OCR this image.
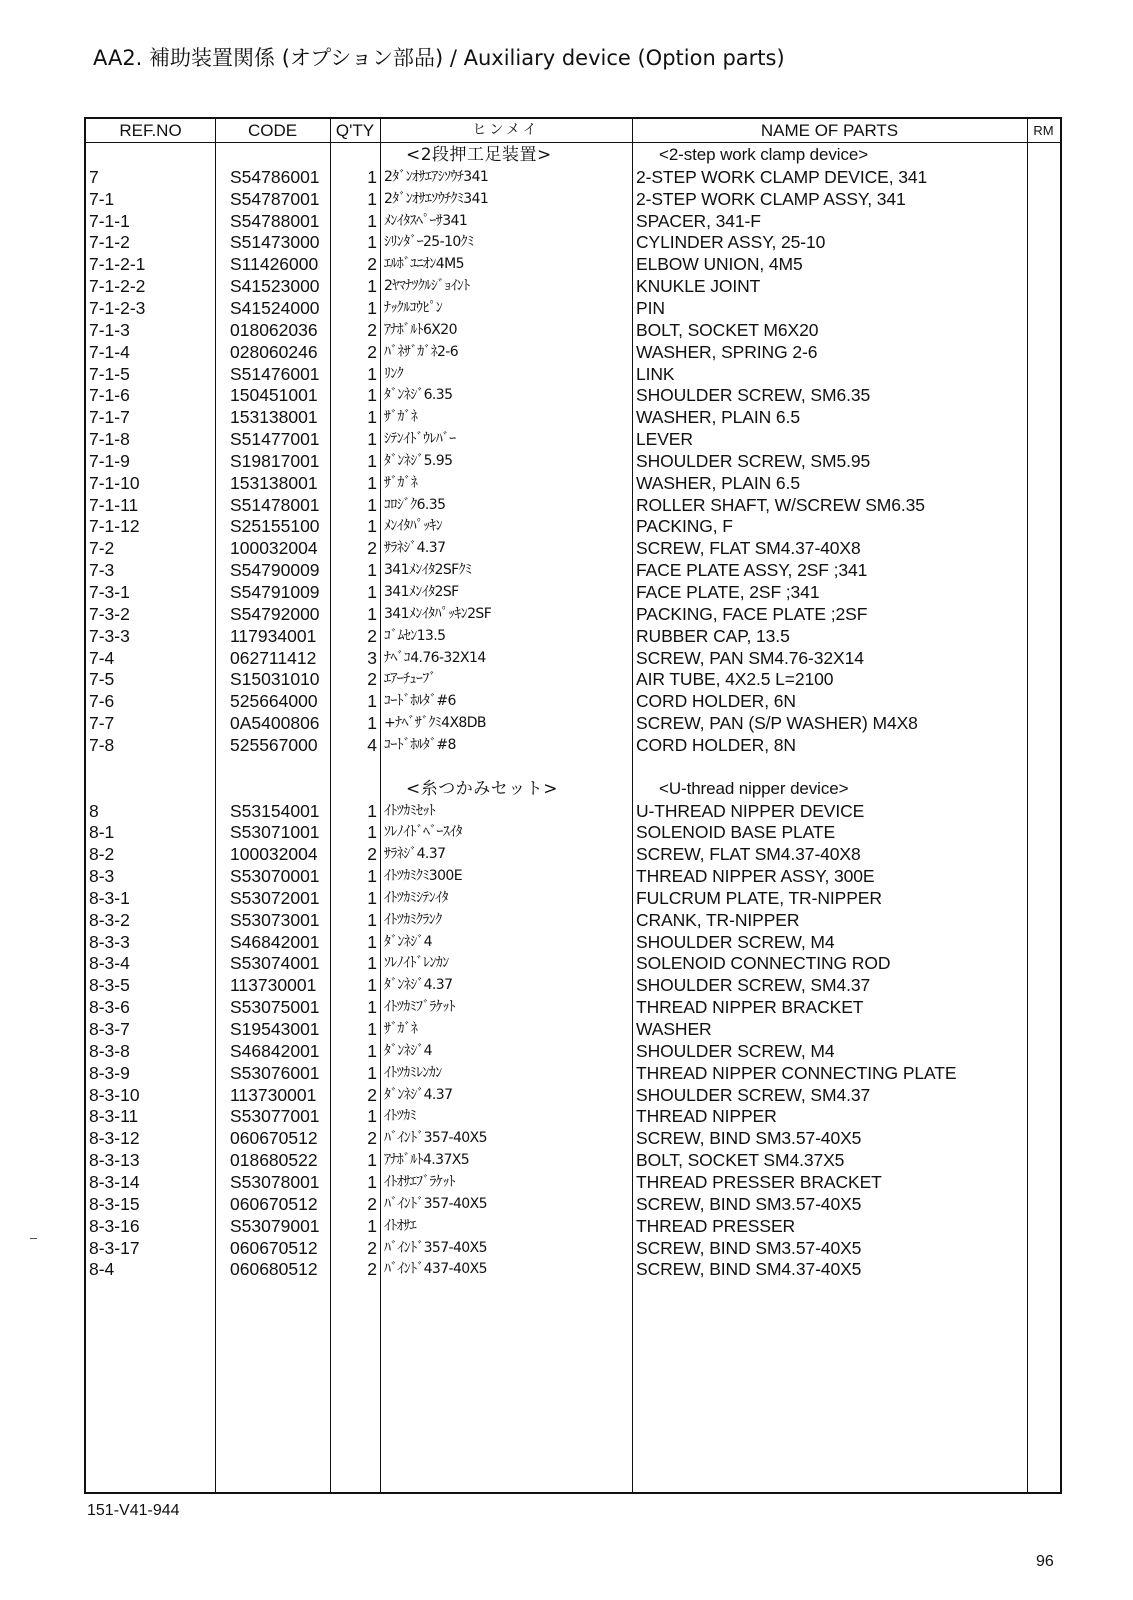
AA2. 補助装置関係 (オプション部品) / Auxiliary device (Option parts)
REF.NO	CODE	Q'TY	ヒンメイ	NAME OF PARTS	RM
<2段押工足装置>	<2-step work clamp device>
7	S54786001	1 2ﾀﾞﾝｵｻｴｱｼｿｳﾁ341	2-STEP WORK CLAMP DEVICE, 341
7-1	S54787001	1 2ﾀﾞﾝｵｻｴｿｳﾁｸﾐ341	2-STEP WORK CLAMP ASSY, 341
7-1-1	S54788001	1 ﾒﾝｲﾀｽﾍﾟｰｻ341	SPACER, 341-F
7-1-2	S51473000	1 ｼﾘﾝﾀﾞｰ25-10ｸﾐ	CYLINDER ASSY, 25-10
7-1-2-1	S11426000	2 ｴﾙﾎﾞﾕﾆｵﾝ4M5	ELBOW UNION, 4M5
7-1-2-2	S41523000	1 2ﾔﾏﾅﾂｸﾙｼﾞｮｲﾝﾄ	KNUKLE JOINT
7-1-2-3	S41524000	1 ﾅｯｸﾙｺｳﾋﾟﾝ	PIN
7-1-3	018062036	2 ｱﾅﾎﾞﾙﾄ6X20	BOLT, SOCKET M6X20
7-1-4	028060246	2 ﾊﾞﾈｻﾞｶﾞﾈ2-6	WASHER, SPRING 2-6
7-1-5	S51476001	1 ﾘﾝｸ	LINK
7-1-6	150451001	1 ﾀﾞﾝﾈｼﾞ6.35	SHOULDER SCREW, SM6.35
7-1-7	153138001	1 ｻﾞｶﾞﾈ	WASHER, PLAIN 6.5
7-1-8	S51477001	1 ｼﾃﾝｲﾄﾞｳﾚﾊﾞｰ	LEVER
7-1-9	S19817001	1 ﾀﾞﾝﾈｼﾞ5.95	SHOULDER SCREW, SM5.95
7-1-10	153138001	1 ｻﾞｶﾞﾈ	WASHER, PLAIN 6.5
7-1-11	S51478001	1 ｺﾛｼﾞｸ6.35	ROLLER SHAFT, W/SCREW SM6.35
7-1-12	S25155100	1 ﾒﾝｲﾀﾊﾟｯｷﾝ	PACKING, F
7-2	100032004	2 ｻﾗﾈｼﾞ4.37	SCREW, FLAT SM4.37-40X8
7-3	S54790009	1 341ﾒﾝｲﾀ2SFｸﾐ	FACE PLATE ASSY, 2SF ;341
7-3-1	S54791009	1 341ﾒﾝｲﾀ2SF	FACE PLATE, 2SF ;341
7-3-2	S54792000	1 341ﾒﾝｲﾀﾊﾟｯｷﾝ2SF	PACKING, FACE PLATE ;2SF
7-3-3	117934001	2 ｺﾞﾑｾﾝ13.5	RUBBER CAP, 13.5
7-4	062711412	3 ﾅﾍﾞｺ4.76-32X14	SCREW, PAN SM4.76-32X14
7-5	S15031010	2 ｴｱｰﾁｭｰﾌﾞ	AIR TUBE, 4X2.5 L=2100
7-6	525664000	1 ｺｰﾄﾞﾎﾙﾀﾞ#6	CORD HOLDER, 6N
7-7	0A5400806	1 +ﾅﾍﾞｻﾞｸﾐ4X8DB	SCREW, PAN (S/P WASHER) M4X8
7-8	525567000	4 ｺｰﾄﾞﾎﾙﾀﾞ#8	CORD HOLDER, 8N
<糸つかみセット>	<U-thread nipper device>
8	S53154001	1 ｲﾄﾂｶﾐｾｯﾄ	U-THREAD NIPPER DEVICE
8-1	S53071001	1 ｿﾚﾉｲﾄﾞﾍﾞｰｽｲﾀ	SOLENOID BASE PLATE
8-2	100032004	2 ｻﾗﾈｼﾞ4.37	SCREW, FLAT SM4.37-40X8
8-3	S53070001	1 ｲﾄﾂｶﾐｸﾐ300E	THREAD NIPPER ASSY, 300E
8-3-1	S53072001	1 ｲﾄﾂｶﾐｼﾃﾝｲﾀ	FULCRUM PLATE, TR-NIPPER
8-3-2	S53073001	1 ｲﾄﾂｶﾐｸﾗﾝｸ	CRANK, TR-NIPPER
8-3-3	S46842001	1 ﾀﾞﾝﾈｼﾞ4	SHOULDER SCREW, M4
8-3-4	S53074001	1 ｿﾚﾉｲﾄﾞﾚﾝｶﾝ	SOLENOID CONNECTING ROD
8-3-5	113730001	1 ﾀﾞﾝﾈｼﾞ4.37	SHOULDER SCREW, SM4.37
8-3-6	S53075001	1 ｲﾄﾂｶﾐﾌﾞﾗｹｯﾄ	THREAD NIPPER BRACKET
8-3-7	S19543001	1 ｻﾞｶﾞﾈ	WASHER
8-3-8	S46842001	1 ﾀﾞﾝﾈｼﾞ4	SHOULDER SCREW, M4
8-3-9	S53076001	1 ｲﾄﾂｶﾐﾚﾝｶﾝ	THREAD NIPPER CONNECTING PLATE
8-3-10	113730001	2 ﾀﾞﾝﾈｼﾞ4.37	SHOULDER SCREW, SM4.37
8-3-11	S53077001	1 ｲﾄﾂｶﾐ	THREAD NIPPER
8-3-12	060670512	2 ﾊﾞｲﾝﾄﾞ357-40X5	SCREW, BIND SM3.57-40X5
8-3-13	018680522	1 ｱﾅﾎﾞﾙﾄ4.37X5	BOLT, SOCKET SM4.37X5
8-3-14	S53078001	1 ｲﾄｵｻｴﾌﾞﾗｹｯﾄ	THREAD PRESSER BRACKET
8-3-15	060670512	2 ﾊﾞｲﾝﾄﾞ357-40X5	SCREW, BIND SM3.57-40X5
8-3-16	S53079001	1 ｲﾄｵｻｴ	THREAD PRESSER
8-3-17	060670512	2 ﾊﾞｲﾝﾄﾞ357-40X5	SCREW, BIND SM3.57-40X5
8-4	060680512	2 ﾊﾞｲﾝﾄﾞ437-40X5	SCREW, BIND SM4.37-40X5
151-V41-944
96
